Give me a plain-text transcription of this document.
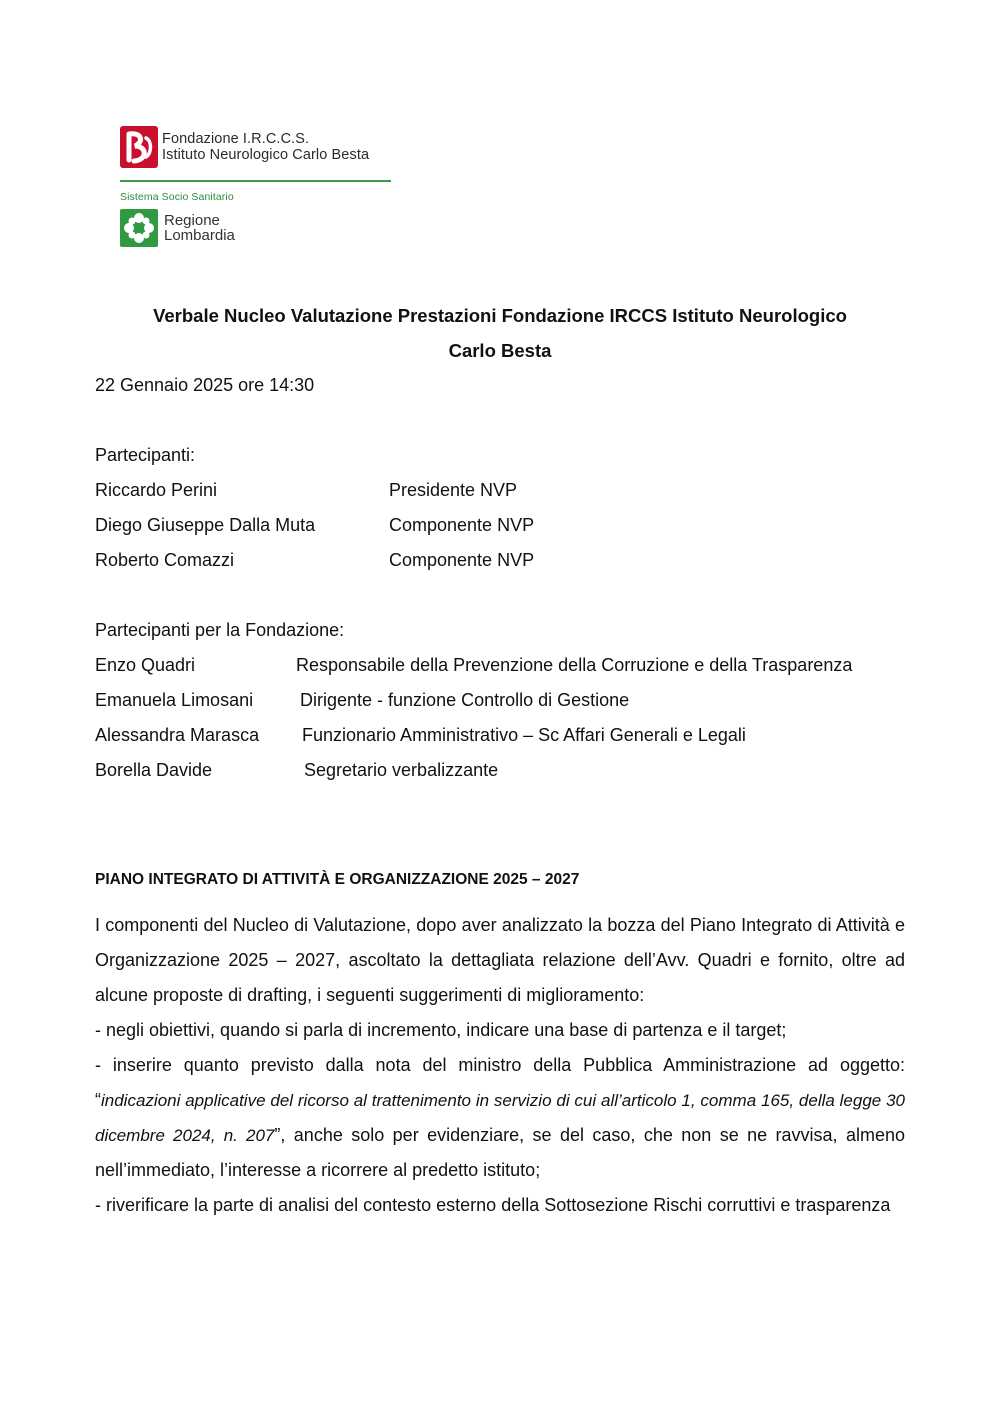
Fondazione I.R.C.C.S.
Istituto Neurologico Carlo Besta
Sistema Socio Sanitario
Regione
Lombardia
Verbale Nucleo Valutazione Prestazioni Fondazione IRCCS Istituto Neurologico
Carlo Besta
22 Gennaio 2025 ore 14:30
Partecipanti:
Riccardo Perini	Presidente NVP
Diego Giuseppe Dalla Muta	Componente NVP
Roberto Comazzi	Componente NVP
Partecipanti per la Fondazione:
Enzo Quadri	Responsabile della Prevenzione della Corruzione e della Trasparenza
Emanuela Limosani	Dirigente - funzione Controllo di Gestione
Alessandra Marasca Funzionario Amministrativo – Sc Affari Generali e Legali
Borella Davide	Segretario verbalizzante
PIANO INTEGRATO DI ATTIVITÀ E ORGANIZZAZIONE 2025 – 2027

I componenti del Nucleo di Valutazione, dopo aver analizzato la bozza del Piano Integrato di Attività e Organizzazione 2025 – 2027, ascoltato la dettagliata relazione dell’Avv. Quadri e fornito, oltre ad alcune proposte di drafting, i seguenti suggerimenti di miglioramento:

- negli obiettivi, quando si parla di incremento, indicare una base di partenza e il target;

- inserire quanto previsto dalla nota del ministro della Pubblica Amministrazione ad oggetto: “indicazioni applicative del ricorso al trattenimento in servizio di cui all’articolo 1, comma 165, della legge 30 dicembre 2024, n. 207”, anche solo per evidenziare, se del caso, che non se ne ravvisa, almeno nell’immediato, l’interesse a ricorrere al predetto istituto;

- riverificare la parte di analisi del contesto esterno della Sottosezione Rischi corruttivi e trasparenza
